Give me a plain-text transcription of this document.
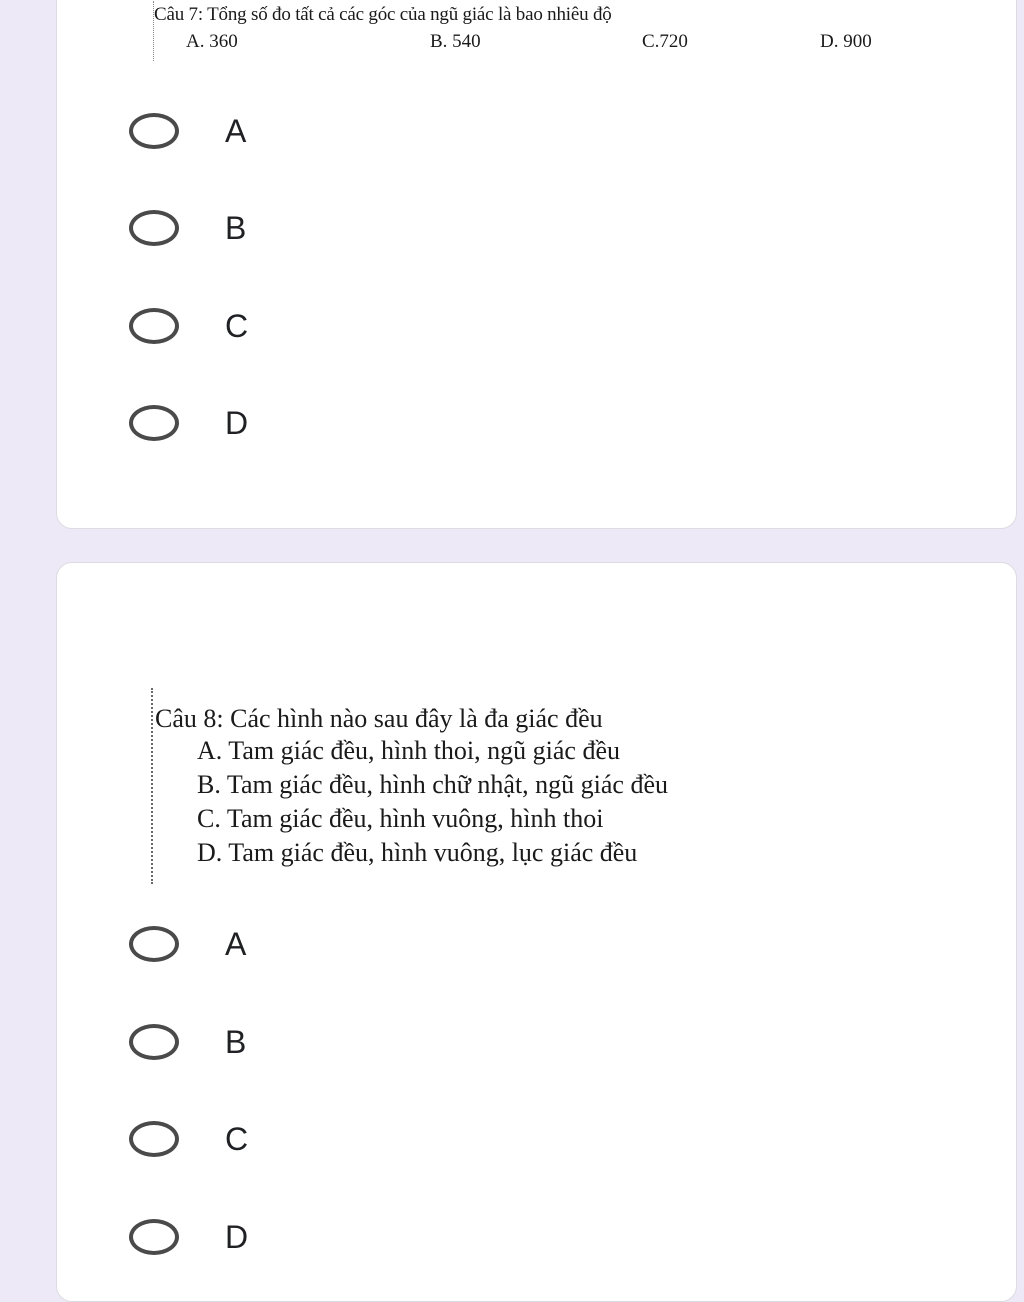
Câu 7: Tổng số đo tất cả các góc của ngũ giác là bao nhiêu độ
A. 360	B. 540	C.720	D. 900
A
B
C
D
Câu 8: Các hình nào sau đây là đa giác đều
A. Tam giác đều, hình thoi, ngũ giác đều
B. Tam giác đều, hình chữ nhật, ngũ giác đều
C. Tam giác đều, hình vuông, hình thoi
D. Tam giác đều, hình vuông, lục giác đều
A
B
C
D
